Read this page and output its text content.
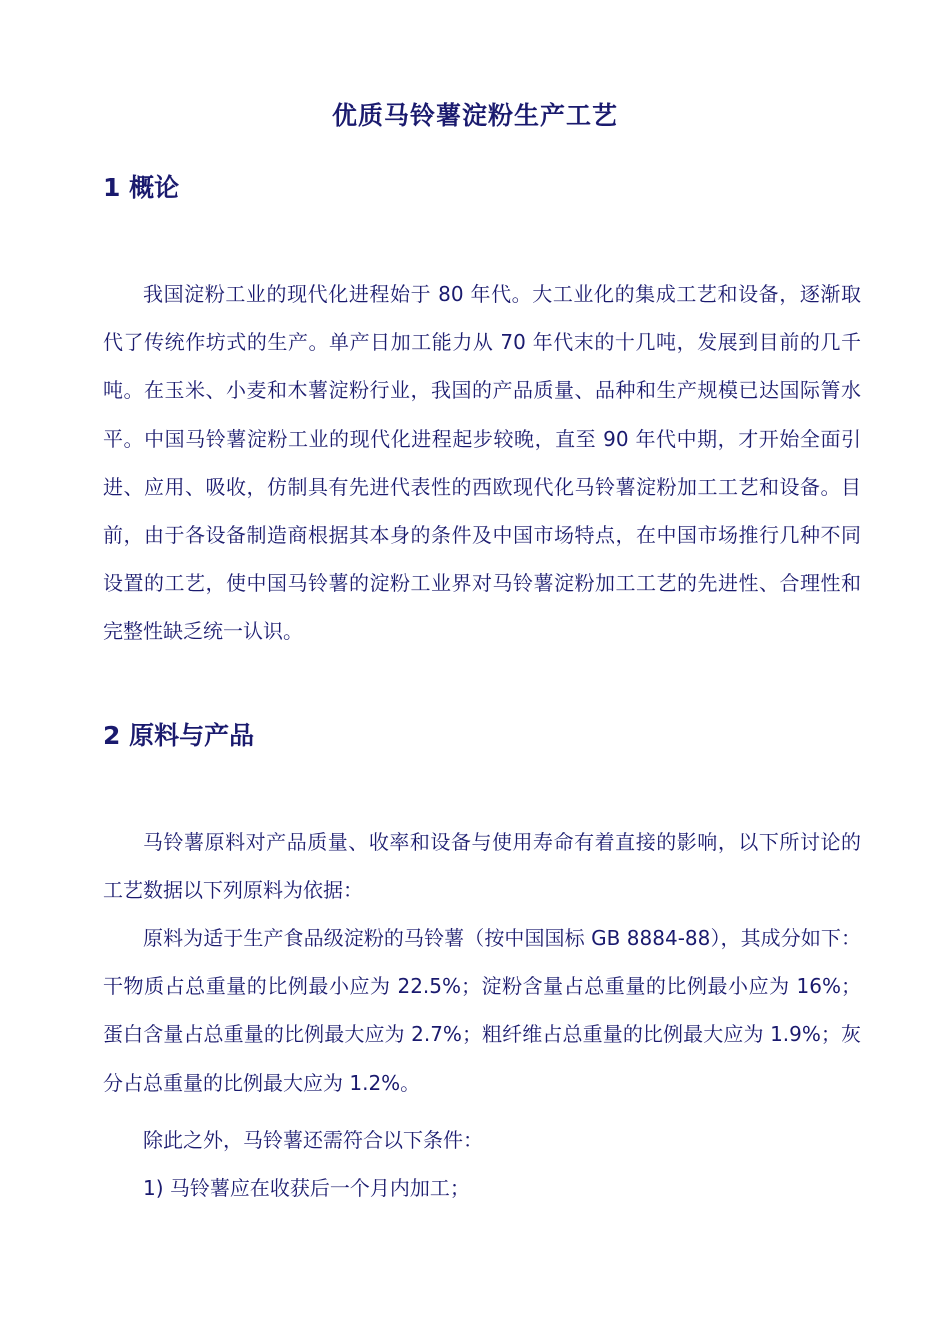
优质马铃薯淀粉生产工艺
1 概论

我国淀粉工业的现代化进程始于 80 年代。大工业化的集成工艺和设备，逐渐取代了传统作坊式的生产。单产日加工能力从 70 年代末的十几吨，发展到目前的几千吨。在玉米、小麦和木薯淀粉行业，我国的产品质量、品种和生产规模已达国际箐水平。中国马铃薯淀粉工业的现代化进程起步较晚，直至 90 年代中期，才开始全面引进、应用、吸收，仿制具有先进代表性的西欧现代化马铃薯淀粉加工工艺和设备。目前，由于各设备制造商根据其本身的条件及中国市场特点，在中国市场推行几种不同设置的工艺，使中国马铃薯的淀粉工业界对马铃薯淀粉加工工艺的先进性、合理性和完整性缺乏统一认识。

2 原料与产品

马铃薯原料对产品质量、收率和设备与使用寿命有着直接的影响，以下所讨论的工艺数据以下列原料为依据：

原料为适于生产食品级淀粉的马铃薯（按中国国标 GB 8884-88），其成分如下：干物质占总重量的比例最小应为 22.5%；淀粉含量占总重量的比例最小应为 16%；蛋白含量占总重量的比例最大应为 2.7%；粗纤维占总重量的比例最大应为 1.9%；灰分占总重量的比例最大应为 1.2%。

除此之外，马铃薯还需符合以下条件：

1) 马铃薯应在收获后一个月内加工；
